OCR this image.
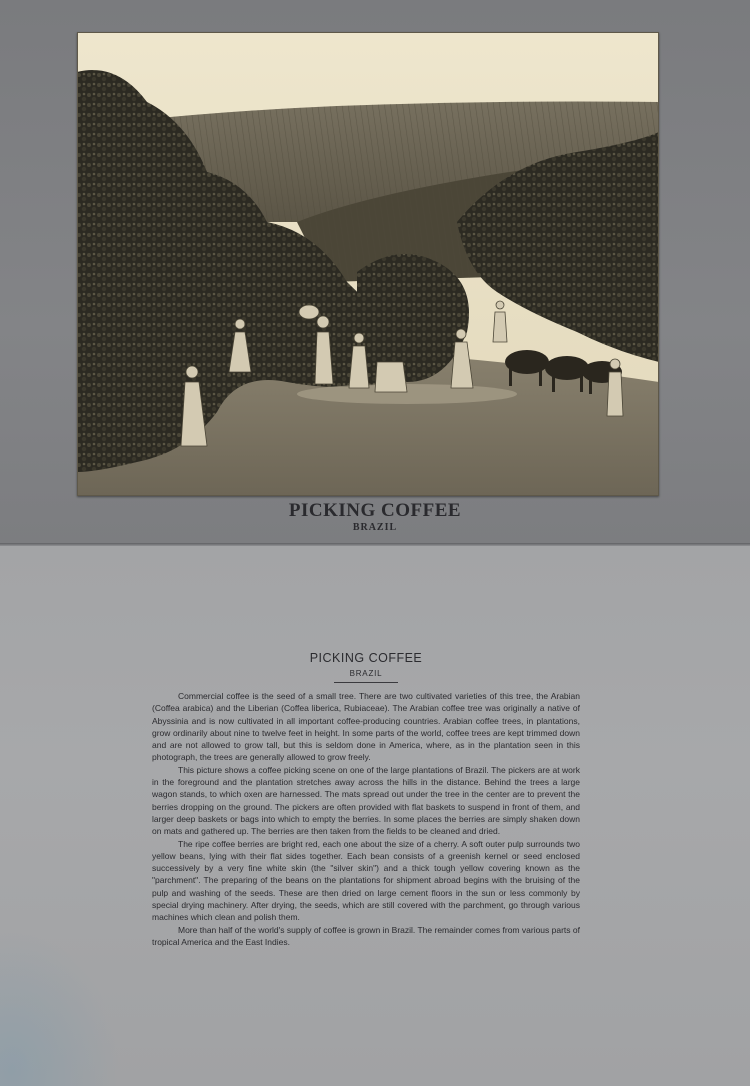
PICKING COFFEE
BRAZIL
PICKING COFFEE
BRAZIL

Commercial coffee is the seed of a small tree. There are two cultivated varieties of this tree, the Arabian (Coffea arabica) and the Liberian (Coffea liberica, Rubiaceae). The Arabian coffee tree was originally a native of Abyssinia and is now cultivated in all important coffee-producing countries. Arabian coffee trees, in plantations, grow ordinarily about nine to twelve feet in height. In some parts of the world, coffee trees are kept trimmed down and are not allowed to grow tall, but this is seldom done in America, where, as in the plantation seen in this photograph, the trees are generally allowed to grow freely.

This picture shows a coffee picking scene on one of the large plantations of Brazil. The pickers are at work in the foreground and the plantation stretches away across the hills in the distance. Behind the trees a large wagon stands, to which oxen are harnessed. The mats spread out under the tree in the center are to prevent the berries dropping on the ground. The pickers are often provided with flat baskets to suspend in front of them, and larger deep baskets or bags into which to empty the berries. In some places the berries are simply shaken down on mats and gathered up. The berries are then taken from the fields to be cleaned and dried.

The ripe coffee berries are bright red, each one about the size of a cherry. A soft outer pulp surrounds two yellow beans, lying with their flat sides together. Each bean consists of a greenish kernel or seed enclosed successively by a very fine white skin (the "silver skin") and a thick tough yellow covering known as the "parchment". The preparing of the beans on the plantations for shipment abroad begins with the bruising of the pulp and washing of the seeds. These are then dried on large cement floors in the sun or less commonly by special drying machinery. After drying, the seeds, which are still covered with the parchment, go through various machines which clean and polish them.

More than half of the world's supply of coffee is grown in Brazil. The remainder comes from various parts of tropical America and the East Indies.
